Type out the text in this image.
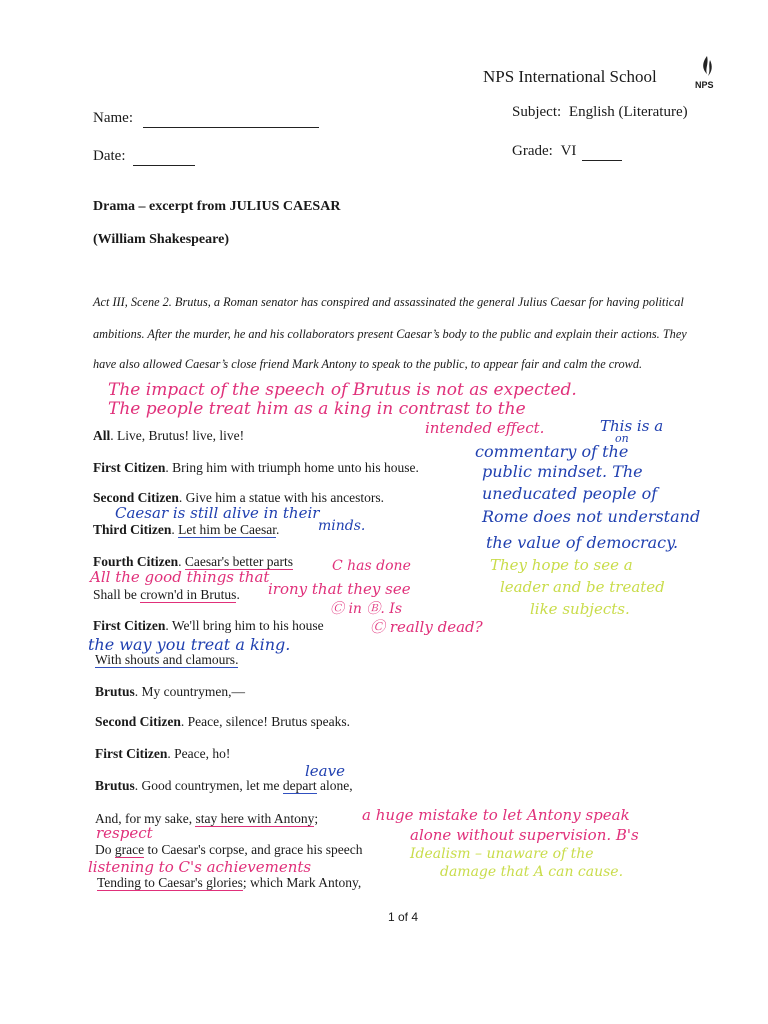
NPS International School	NPS
Name:	Subject: English (Literature)
Date:	Grade: VI
Drama – excerpt from JULIUS CAESAR
(William Shakespeare)
Act III, Scene 2. Brutus, a Roman senator has conspired and assassinated the general Julius Caesar for having political
ambitions. After the murder, he and his collaborators present Caesar’s body to the public and explain their actions. They
have also allowed Caesar’s close friend Mark Antony to speak to the public, to appear fair and calm the crowd.
The impact of the speech of Brutus is not as expected.
The people treat him as a king in contrast to the
intended effect.	This is a
on
commentary of the
public mindset. The
uneducated people of
Rome does not understand
the value of democracy.
They hope to see a
leader and be treated
like subjects.
All. Live, Brutus! live, live!
First Citizen. Bring him with triumph home unto his house.
Second Citizen. Give him a statue with his ancestors.
Caesar is still alive in their
minds.
Third Citizen. Let him be Caesar.
C has done
Fourth Citizen. Caesar's better parts
All the good things that
Shall be crown'd in Brutus. irony that they see
Ⓒ in Ⓑ. Is
First Citizen. We'll bring him to his house	Ⓒ really dead?
the way you treat a king.
With shouts and clamours.
Brutus. My countrymen,—
Second Citizen. Peace, silence! Brutus speaks.
First Citizen. Peace, ho!
leave
Brutus. Good countrymen, let me depart alone,
And, for my sake, stay here with Antony;	a huge mistake to let Antony speak
alone without supervision. B's
respect
Do grace to Caesar's corpse, and grace his speech	Idealism – unaware of the
damage that A can cause.
listening to C's achievements
Tending to Caesar's glories; which Mark Antony,
1 of 4
